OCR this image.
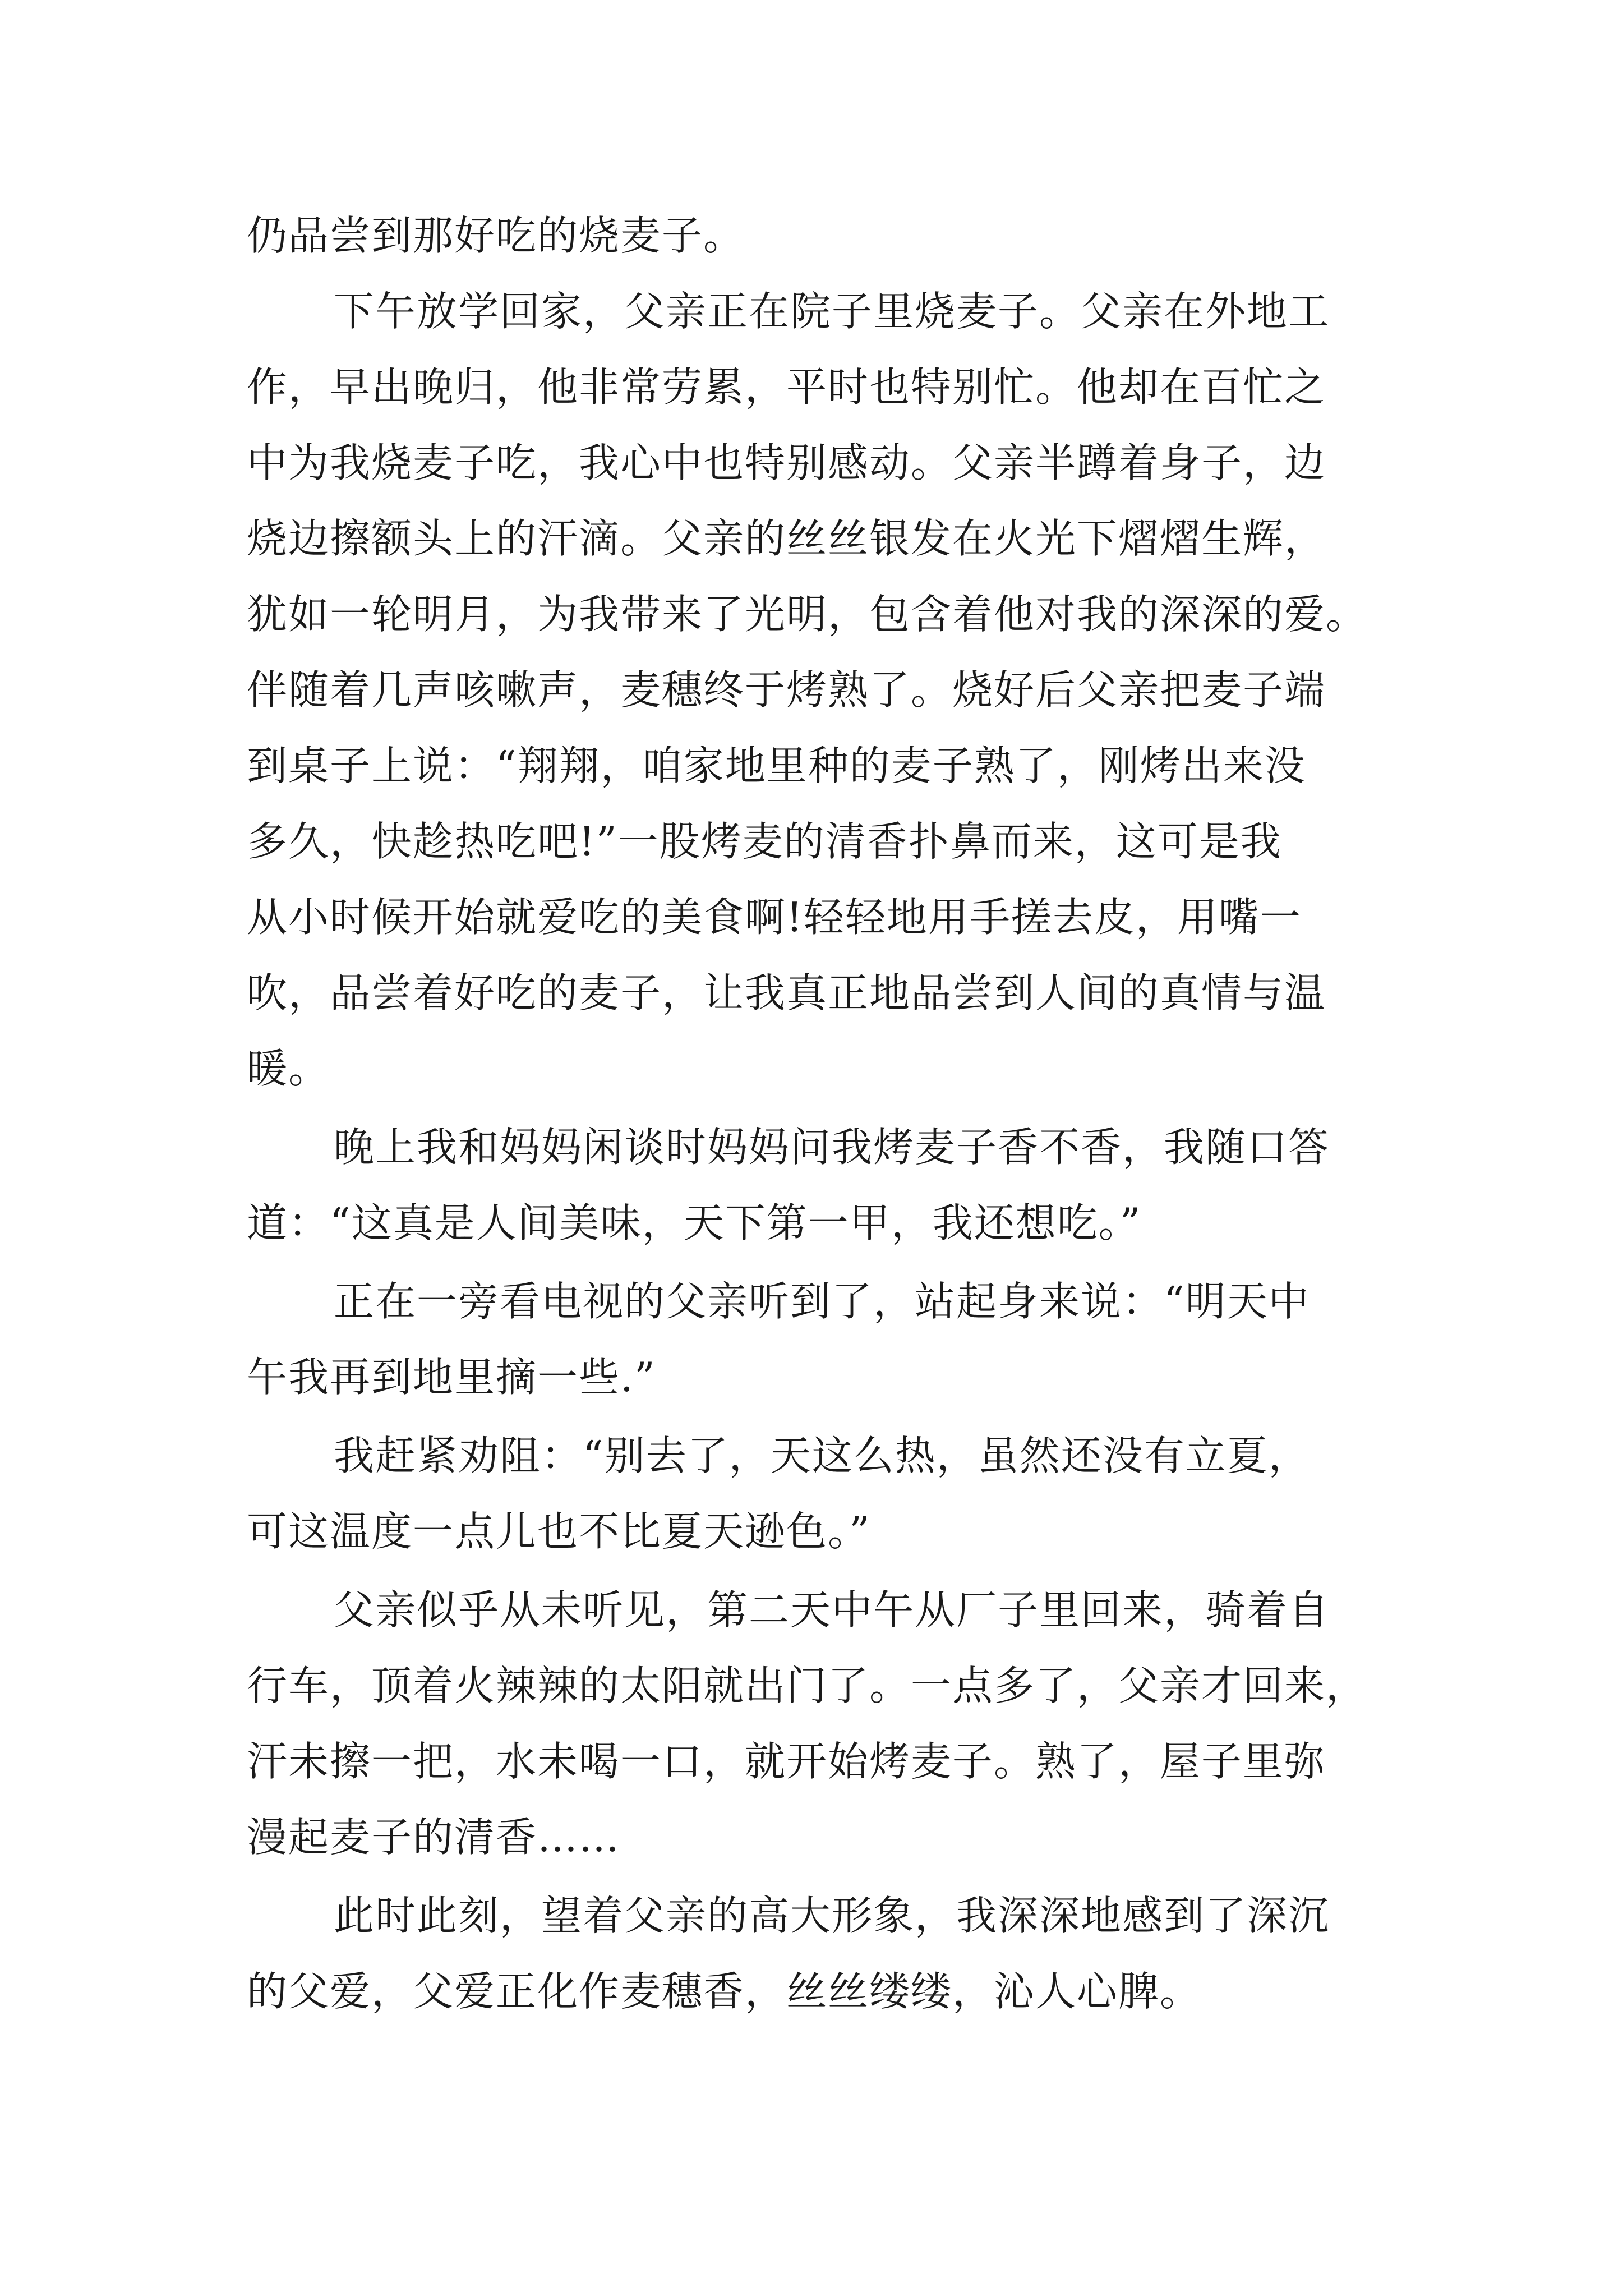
仍品尝到那好吃的烧麦子。
下午放学回家，父亲正在院子里烧麦子。父亲在外地工
作，早出晚归，他非常劳累，平时也特别忙。他却在百忙之
中为我烧麦子吃，我心中也特别感动。父亲半蹲着身子，边
烧边擦额头上的汗滴。父亲的丝丝银发在火光下熠熠生辉，
犹如一轮明月，为我带来了光明，包含着他对我的深深的爱。
伴随着几声咳嗽声，麦穗终于烤熟了。烧好后父亲把麦子端
到桌子上说：“翔翔，咱家地里种的麦子熟了，刚烤出来没
多久，快趁热吃吧!”一股烤麦的清香扑鼻而来，这可是我
从小时候开始就爱吃的美食啊!轻轻地用手搓去皮，用嘴一
吹，品尝着好吃的麦子，让我真正地品尝到人间的真情与温
暖。
晚上我和妈妈闲谈时妈妈问我烤麦子香不香，我随口答
道：“这真是人间美味，天下第一甲，我还想吃。”
正在一旁看电视的父亲听到了，站起身来说：“明天中
午我再到地里摘一些.”
我赶紧劝阻：“别去了，天这么热，虽然还没有立夏，
可这温度一点儿也不比夏天逊色。”
父亲似乎从未听见，第二天中午从厂子里回来，骑着自
行车，顶着火辣辣的太阳就出门了。一点多了，父亲才回来，
汗未擦一把，水未喝一口，就开始烤麦子。熟了，屋子里弥
漫起麦子的清香……
此时此刻，望着父亲的高大形象，我深深地感到了深沉
的父爱，父爱正化作麦穗香，丝丝缕缕，沁人心脾。
